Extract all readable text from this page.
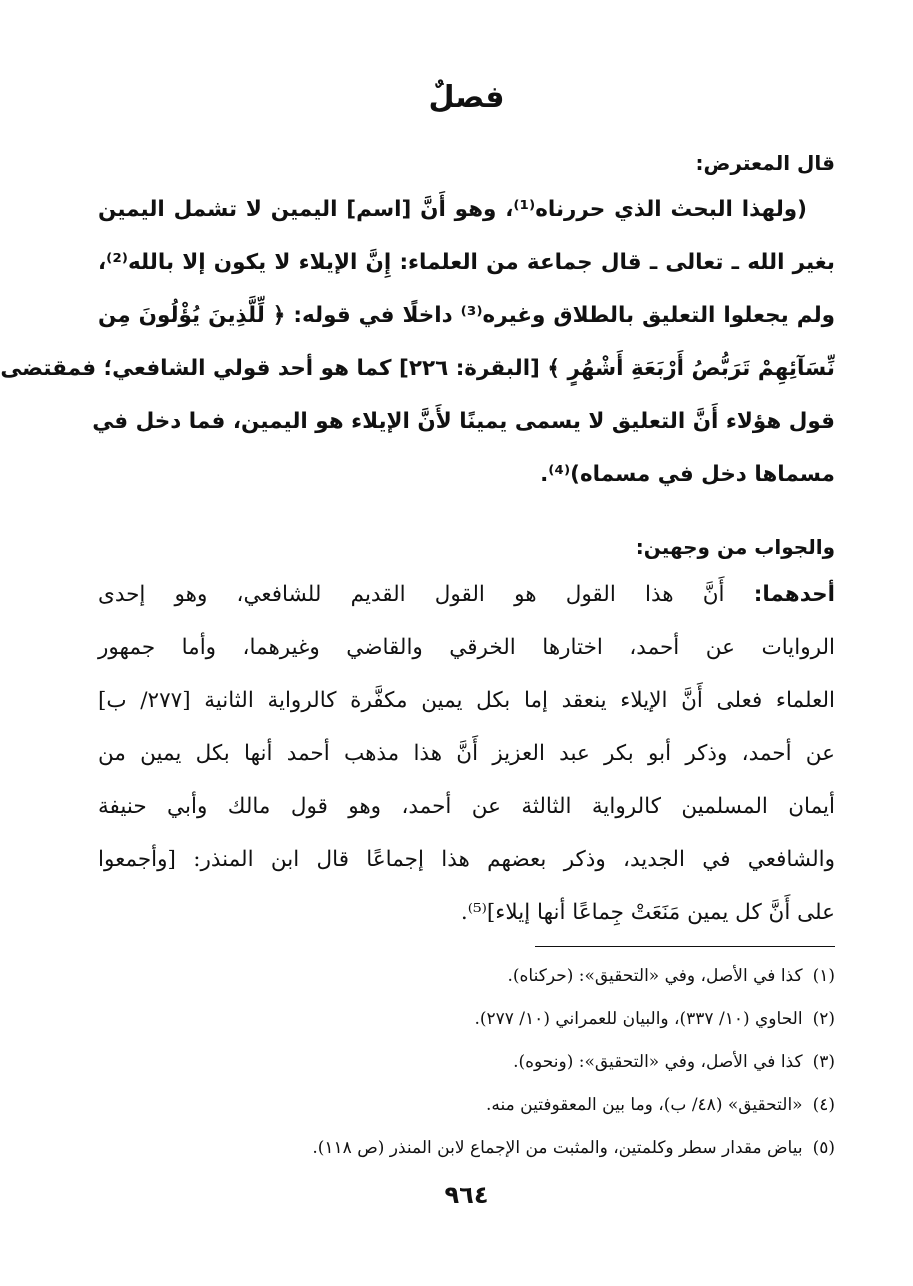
فصلٌ
قال المعترض:
(ولهذا البحث الذي حررناه⁽¹⁾، وهو أَنَّ [اسم] اليمين لا تشمل اليمين
بغير الله ـ تعالى ـ قال جماعة من العلماء: إِنَّ الإيلاء لا يكون إلا بالله⁽²⁾،
ولم يجعلوا التعليق بالطلاق وغيره⁽³⁾ داخلًا في قوله: ﴿ لِّلَّذِينَ يُؤْلُونَ مِن
نِّسَآئِهِمْ تَرَبُّصُ أَرْبَعَةِ أَشْهُرٍ ﴾ [البقرة: ٢٢٦] كما هو أحد قولي الشافعي؛ فمقتضى
قول هؤلاء أَنَّ التعليق لا يسمى يمينًا لأَنَّ الإيلاء هو اليمين، فما دخل في
مسماها دخل في مسماه)⁽⁴⁾.
والجواب من وجهين:
أحدهما: أَنَّ هذا القول هو القول القديم للشافعي، وهو إحدى
الروايات عن أحمد، اختارها الخرقي والقاضي وغيرهما، وأما جمهور
العلماء فعلى أَنَّ الإيلاء ينعقد إما بكل يمين مكفَّرة كالرواية الثانية [٢٧٧/ ب]
عن أحمد، وذكر أبو بكر عبد العزيز أَنَّ هذا مذهب أحمد أنها بكل يمين من
أيمان المسلمين كالرواية الثالثة عن أحمد، وهو قول مالك وأبي حنيفة
والشافعي في الجديد، وذكر بعضهم هذا إجماعًا قال ابن المنذر: [وأجمعوا
على أَنَّ كل يمين مَنَعَتْ جِماعًا أنها إيلاء]⁽⁵⁾.
(١)كذا في الأصل، وفي «التحقيق»: (حركناه).
(٢)الحاوي (١٠/ ٣٣٧)، والبيان للعمراني (١٠/ ٢٧٧).
(٣)كذا في الأصل، وفي «التحقيق»: (ونحوه).
(٤)«التحقيق» (٤٨/ ب)، وما بين المعقوفتين منه.
(٥)بياض مقدار سطر وكلمتين، والمثبت من الإجماع لابن المنذر (ص ١١٨).
٩٦٤
